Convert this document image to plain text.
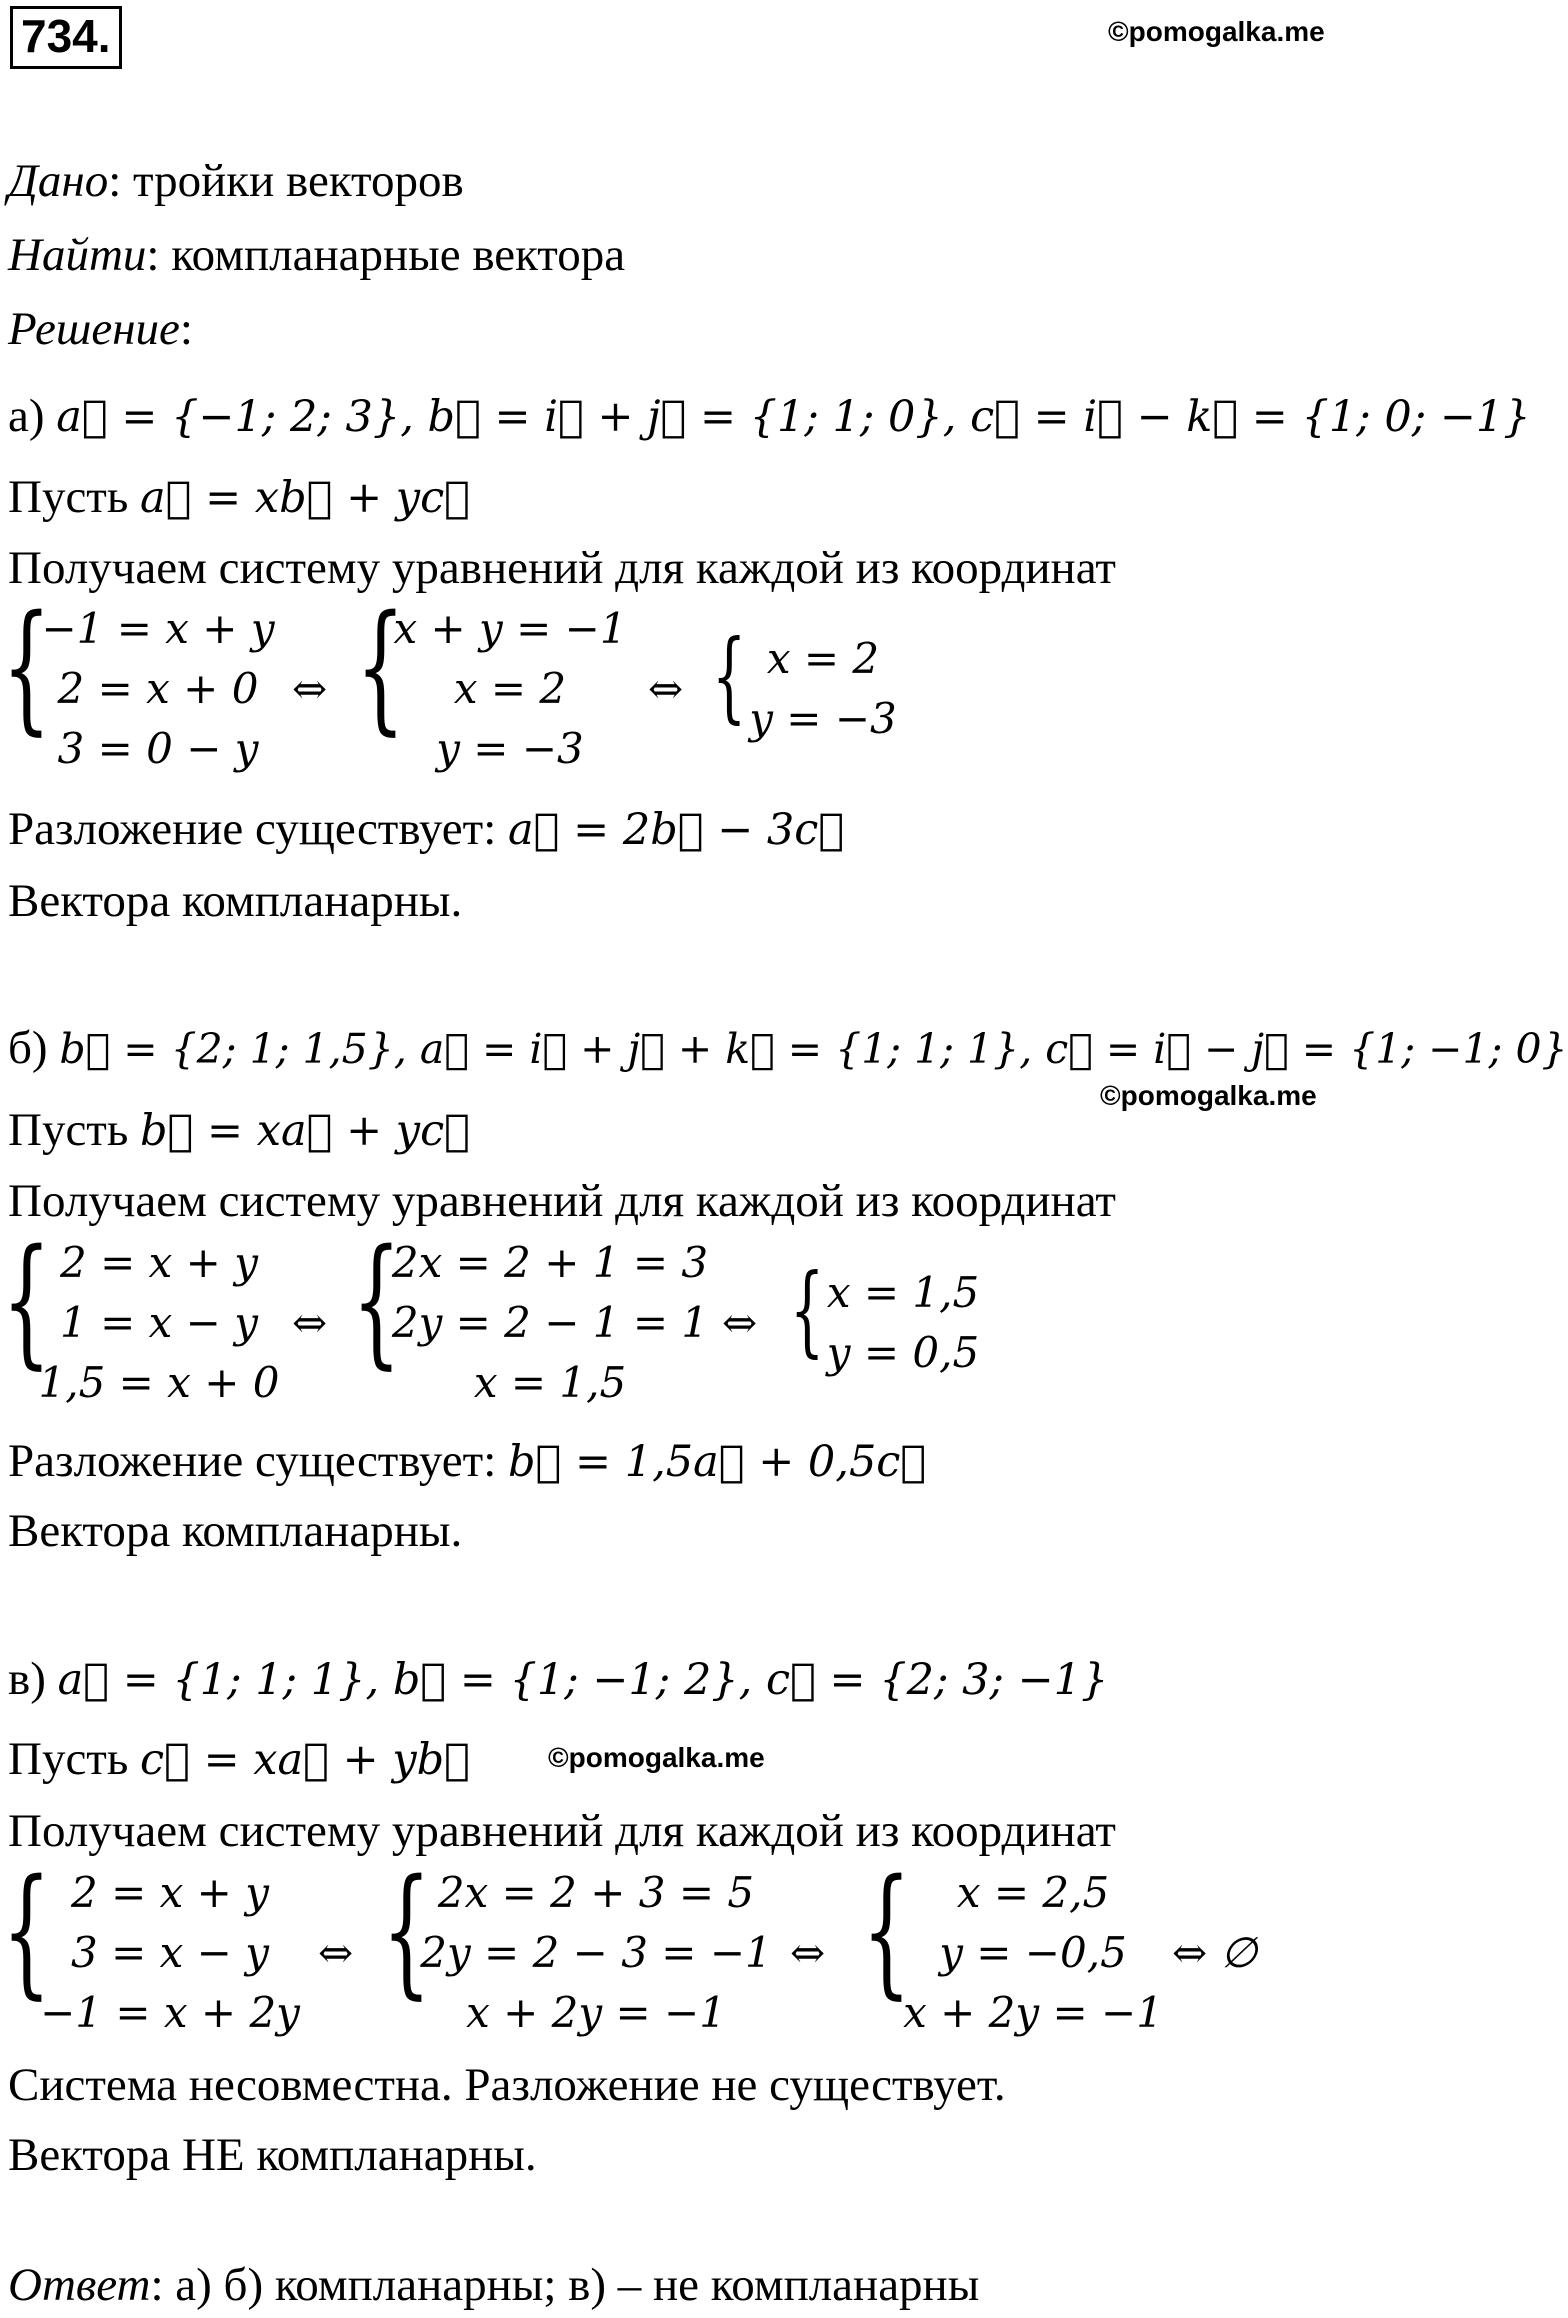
734.	©pomogalka.me
Дано: тройки векторов
Найти: компланарные вектора
Решение:
а) a⃗ = {−1; 2; 3}, b⃗ = i⃗ + j⃗ = {1; 1; 0}, c⃗ = i⃗ − k⃗ = {1; 0; −1}
Пусть a⃗ = xb⃗ + yc⃗
Получаем систему уравнений для каждой из координат
{
−1 = x + y
2 = x + 0
3 = 0 − y
⇔ {
x + y = −1
x = 2
y = −3
⇔ { x = 2
y = −3
Разложение существует: a⃗ = 2b⃗ − 3c⃗
Вектора компланарны.
б) b⃗ = {2; 1; 1,5}, a⃗ = i⃗ + j⃗ + k⃗ = {1; 1; 1}, c⃗ = i⃗ − j⃗ = {1; −1; 0}
©pomogalka.me
Пусть b⃗ = xa⃗ + yc⃗
Получаем систему уравнений для каждой из координат
{ 2 = x + y
1 = x − y
1,5 = x + 0
⇔ {
2x = 2 + 1 = 3
2y = 2 − 1 = 1
x = 1,5
⇔ { x = 1,5
y = 0,5
Разложение существует: b⃗ = 1,5a⃗ + 0,5c⃗
Вектора компланарны.
в) a⃗ = {1; 1; 1}, b⃗ = {1; −1; 2}, c⃗ = {2; 3; −1}
Пусть c⃗ = xa⃗ + yb⃗	©pomogalka.me
Получаем систему уравнений для каждой из координат
{ 2 = x + y
3 = x − y
−1 = x + 2y
⇔ { 2x = 2 + 3 = 5
2y = 2 − 3 = −1
x + 2y = −1
⇔ {	x = 2,5
y = −0,5
x + 2y = −1
⇔ ∅
Система несовместна. Разложение не существует.
Вектора НЕ компланарны.
Ответ: а) б) компланарны; в) – не компланарны
